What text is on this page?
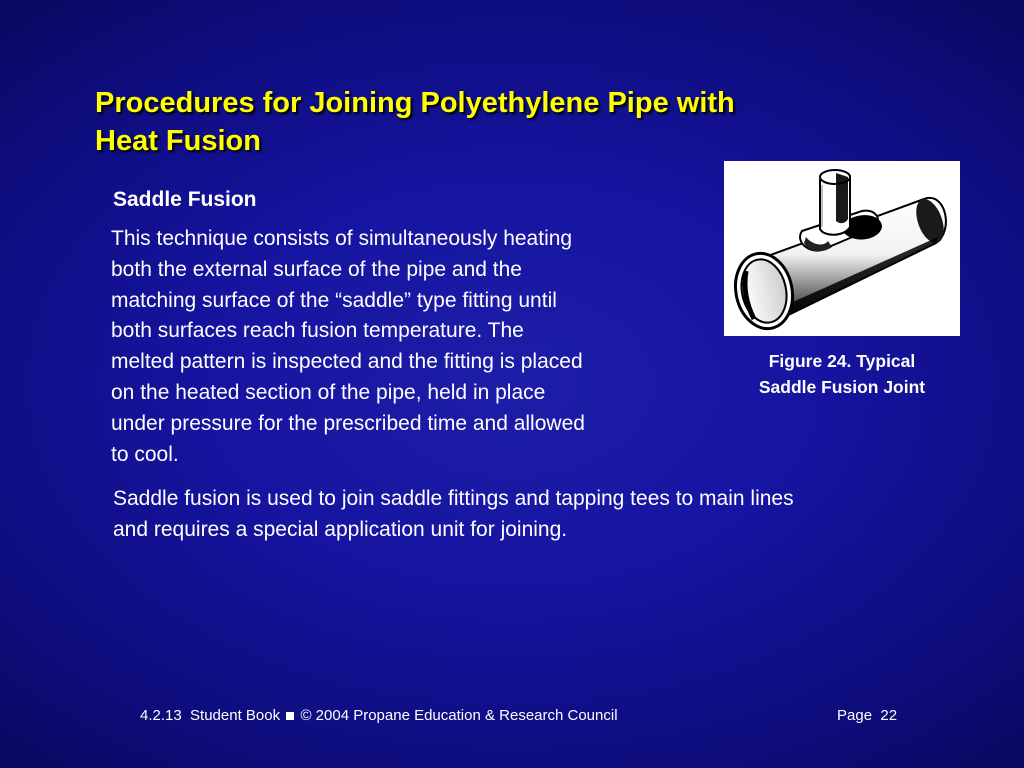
Procedures for Joining Polyethylene Pipe with
Heat Fusion
Saddle Fusion

This technique consists of simultaneously heating
both the external surface of the pipe and the
matching surface of the “saddle” type fitting until
both surfaces reach fusion temperature. The
melted pattern is inspected and the fitting is placed
on the heated section of the pipe, held in place
under pressure for the prescribed time and allowed
to cool.

Figure 24. Typical
Saddle Fusion Joint

Saddle fusion is used to join saddle fittings and tapping tees to main lines
and requires a special application unit for joining.

4.2.13  Student Book © 2004 Propane Education & Research Council	Page  22
